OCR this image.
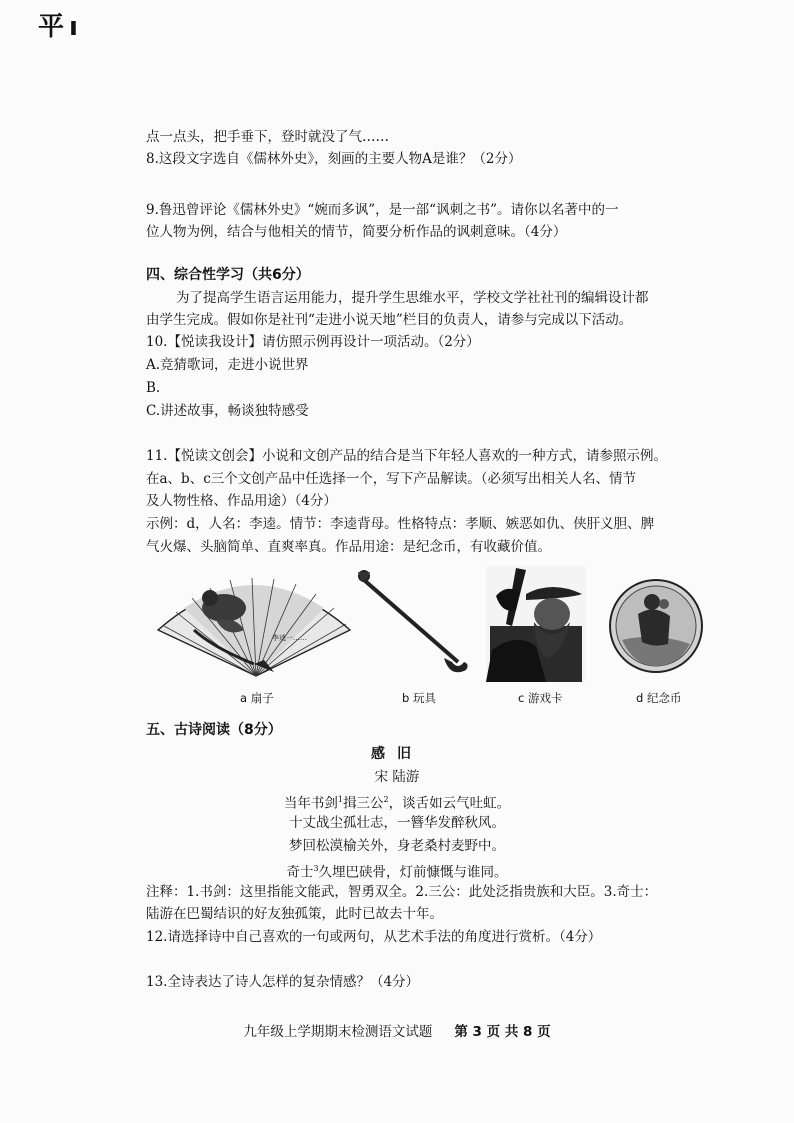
平 ı
点一点头，把手垂下，登时就没了气……
8.这段文字选自《儒林外史》，刻画的主要人物A是谁？（2分）
9.鲁迅曾评论《儒林外史》“婉而多讽”，是一部“讽刺之书”。请你以名著中的一
位人物为例，结合与他相关的情节，简要分析作品的讽刺意味。（4分）
四、综合性学习（共6分）
为了提高学生语言运用能力，提升学生思维水平，学校文学社社刊的编辑设计都
由学生完成。假如你是社刊“走进小说天地”栏目的负责人，请参与完成以下活动。
10.【悦读我设计】请仿照示例再设计一项活动。（2分）
A.竞猜歌词，走进小说世界
B.
C.讲述故事，畅谈独特感受
11.【悦读文创会】小说和文创产品的结合是当下年轻人喜欢的一种方式，请参照示例。
在a、b、c三个文创产品中任选择一个，写下产品解读。（必须写出相关人名、情节
及人物性格、作品用途）（4分）
示例：d，人名：李逵。情节：李逵背母。性格特点：孝顺、嫉恶如仇、侠肝义胆、脾
气火爆、头脑简单、直爽率真。作品用途：是纪念币，有收藏价值。
李逵一……
a 扇子	b 玩具	c 游戏卡	d 纪念币
五、古诗阅读（8分）
感旧
宋 陆游
当年书剑$^1$揖三公$^2$，谈舌如云气吐虹。
十丈战尘孤壮志，一簪华发醉秋风。
梦回松漠榆关外，身老桑村麦野中。
奇士$^3$久埋巴硖骨，灯前慷慨与谁同。
注释：1.书剑：这里指能文能武，智勇双全。2.三公：此处泛指贵族和大臣。3.奇士：
陆游在巴蜀结识的好友独孤策，此时已故去十年。
12.请选择诗中自己喜欢的一句或两句，从艺术手法的角度进行赏析。（4分）
13.全诗表达了诗人怎样的复杂情感？（4分）
九年级上学期期末检测语文试题 第 3 页 共 8 页
